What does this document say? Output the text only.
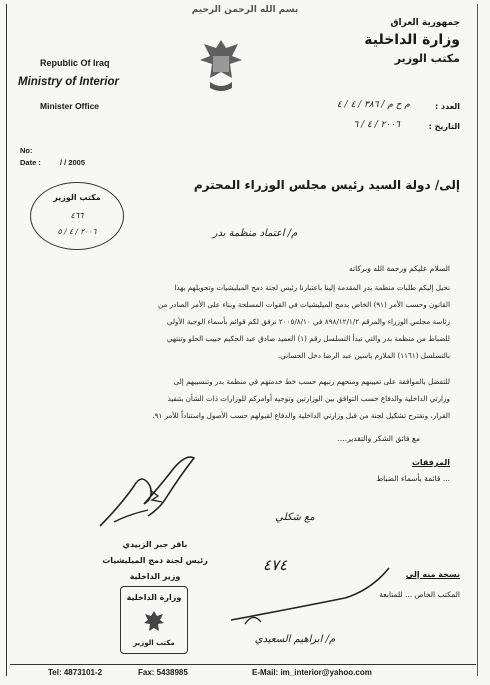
بسم الله الرحمن الرحيم
Republic Of Iraq
Ministry of Interior
Minister Office
جمهورية العراق
وزارة الداخلية
مكتب الوزير
No:
Date :	/ / 2005
العدد :
م ح م / ٣٨٦ / ٤ / ٤
التاريخ :
٢٠٠٦ / ٤ / ٦
مكتب الوزير
٤٦٦
٢٠٠٦ / ٤ / ٥
إلى/ دولة السيد رئيس مجلس الوزراء المحترم
م/ اعتماد منظمة بدر
السلام عليكم ورحمة الله وبركاته
نحيل إليكم طلبات منظمة بدر المقدمة إلينا باعتبارنا رئيس لجنة دمج الميليشيات وتحويلهم بهذا
القانون وحسب الأمر (٩١) الخاص بدمج الميليشيات في القوات المسلحة وبناء على الأمر الصادر من
رئاسة مجلس الوزراء والمرقم ٨٩٨/١٢/١/٢ في ٢٠٠٥/٨/١٠ نرفق لكم قوائم بأسماء الوجبة الأولى
للضباط من منظمة بدر والتي تبدأ التسلسل رقم (١) العميد صادق عبد الحكيم حبيب الحلو وتنتهي
بالتسلسل (١١٦١) الملازم ياسين عبد الرضا دخل الحساني.
للتفضل بالموافقة على تعيينهم ومنحهم رتبهم حسب خط خدمتهم في منظمة بدر وتنسيبهم إلى
وزارتي الداخلية والدفاع حسب التوافق بين الوزارتين وتوجيه أوامركم للوزارات ذات الشأن بتنفيذ
القرار، ونقترح تشكيل لجنة من قبل وزارتي الداخلية والدفاع لقبولهم حسب الأصول واستناداً للأمر ٩١.
مع فائق الشكر والتقدير....
المرفقات
... قائمة بأسماء الضباط
باقر جبر الزبيدي
رئيس لجنة دمج الميليشيات
وزير الداخلية
وزارة الداخلية
مكتب الوزير
مع شكلي
٤٧٤
م/ ابراهيم السعيدي
نسخة منه إلى
المكتب الخاص ... للمتابعة
Tel: 4873101-2	Fax: 5438985	E-Mail: im_interior@yahoo.com
